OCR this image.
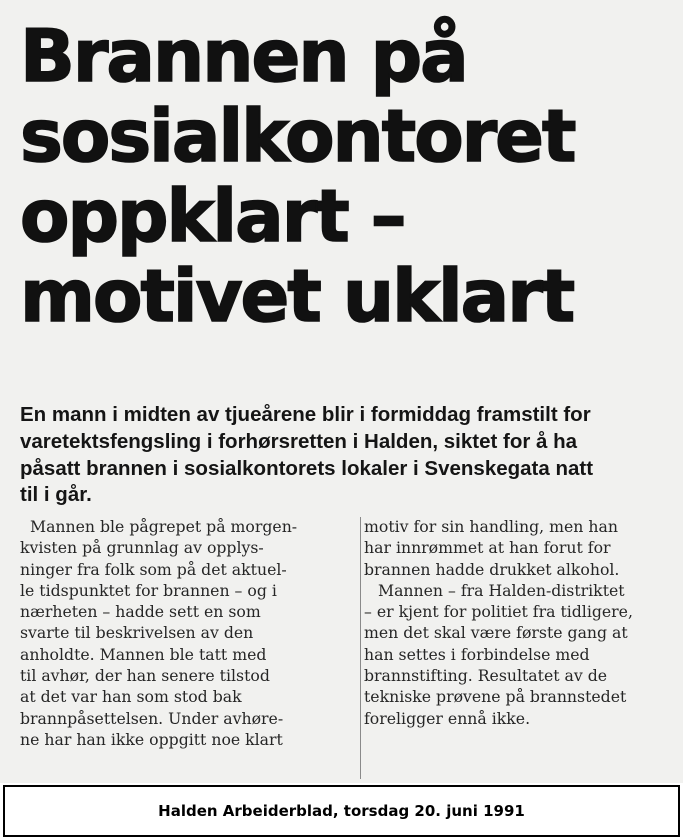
Brannen på
sosialkontoret
oppklart –
motivet uklart

En mann i midten av tjueårene blir i formiddag framstilt for
varetektsfengsling i forhørsretten i Halden, siktet for å ha
påsatt brannen i sosialkontorets lokaler i Svenskegata natt
til i går.

Mannen ble pågrepet på morgen-
kvisten på grunnlag av opplys-
ninger fra folk som på det aktuel-
le tidspunktet for brannen – og i
nærheten – hadde sett en som
svarte til beskrivelsen av den
anholdte. Mannen ble tatt med
til avhør, der han senere tilstod
at det var han som stod bak
brannpåsettelsen. Under avhøre-
ne har han ikke oppgitt noe klart
motiv for sin handling, men han
har innrømmet at han forut for
brannen hadde drukket alkohol.
Mannen – fra Halden-distriktet
– er kjent for politiet fra tidligere,
men det skal være første gang at
han settes i forbindelse med
brannstifting. Resultatet av de
tekniske prøvene på brannstedet
foreligger ennå ikke.
Halden Arbeiderblad, torsdag 20. juni 1991
